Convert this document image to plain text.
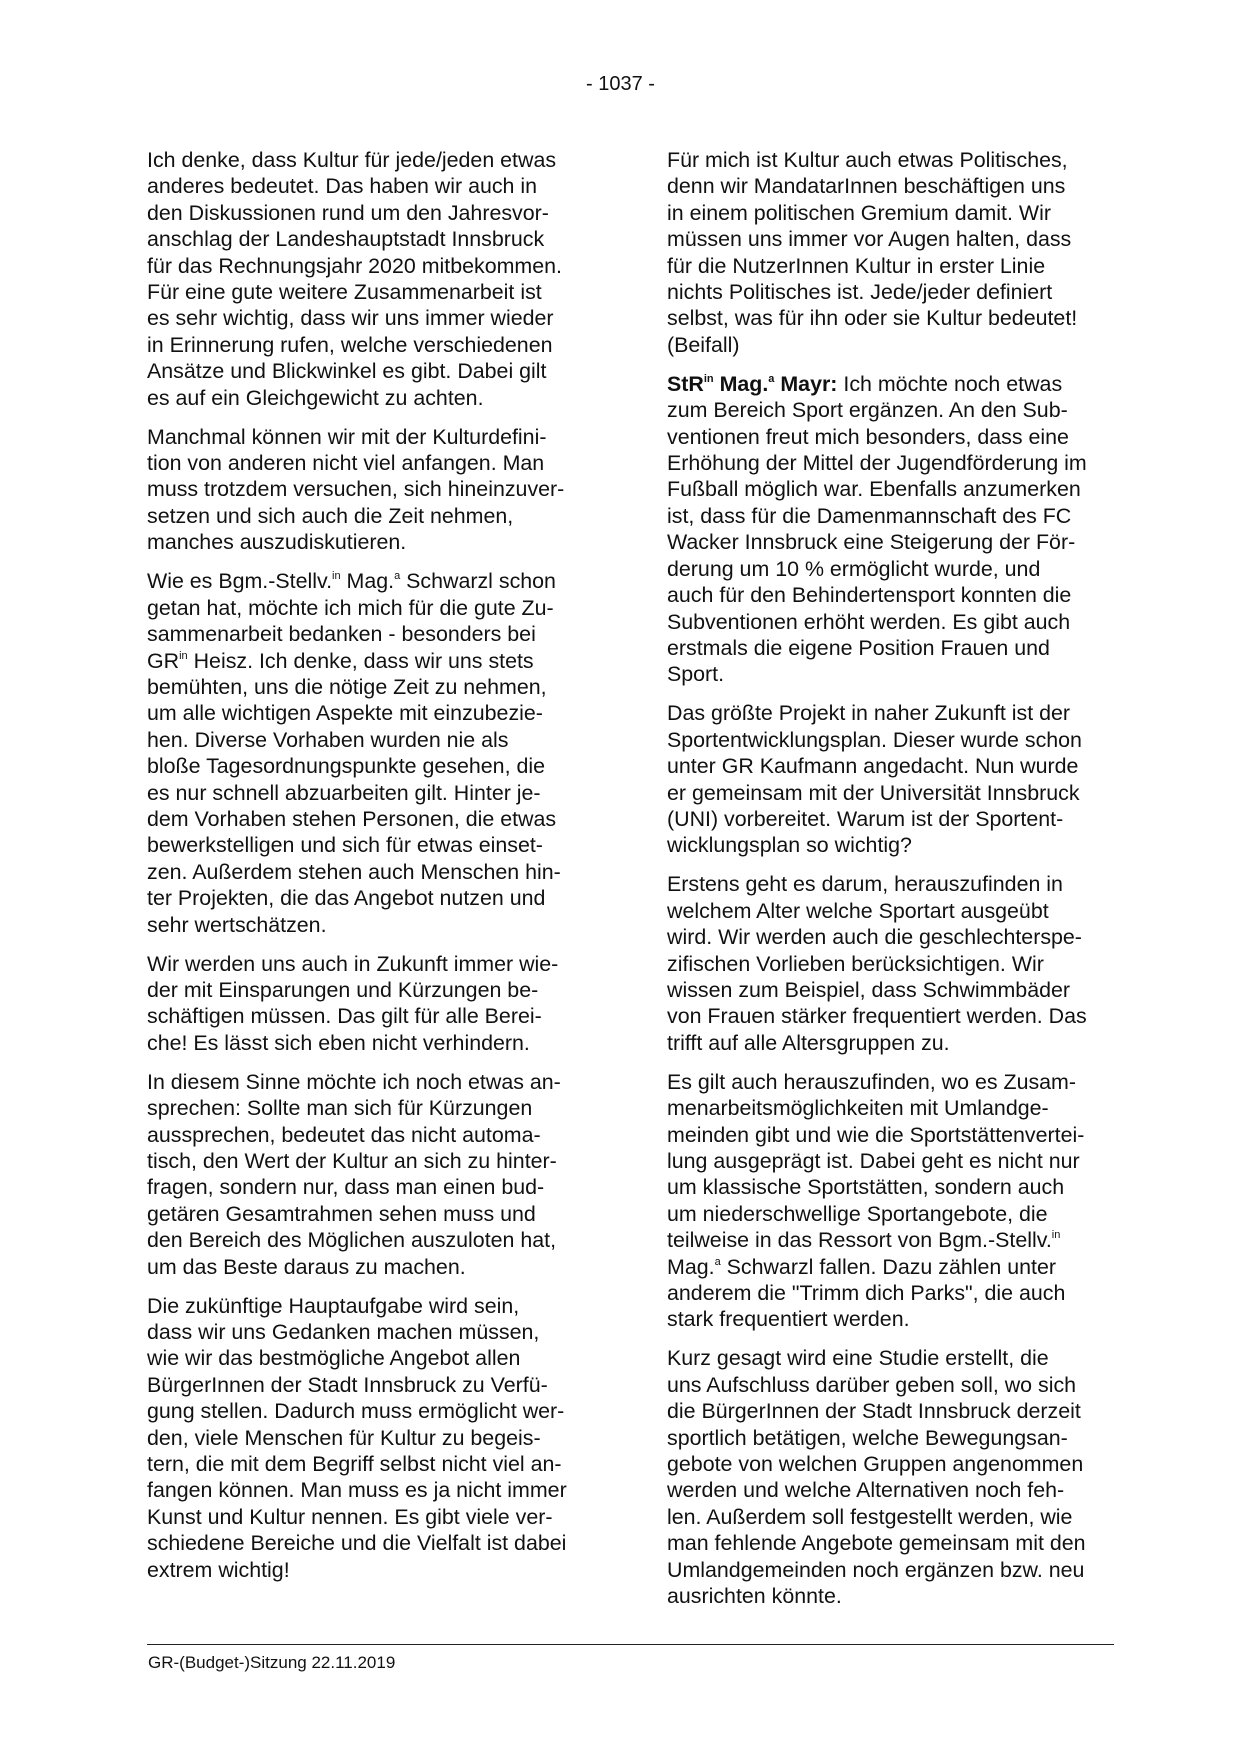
- 1037 -

Ich denke, dass Kultur für jede/jeden etwas
anderes bedeutet. Das haben wir auch in
den Diskussionen rund um den Jahresvor-
anschlag der Landeshauptstadt Innsbruck
für das Rechnungsjahr 2020 mitbekommen.
Für eine gute weitere Zusammenarbeit ist
es sehr wichtig, dass wir uns immer wieder
in Erinnerung rufen, welche verschiedenen
Ansätze und Blickwinkel es gibt. Dabei gilt
es auf ein Gleichgewicht zu achten.

Manchmal können wir mit der Kulturdefini-
tion von anderen nicht viel anfangen. Man
muss trotzdem versuchen, sich hineinzuver-
setzen und sich auch die Zeit nehmen,
manches auszudiskutieren.

Wie es Bgm.-Stellv.$^{in}$ Mag.$^a$ Schwarzl schon
getan hat, möchte ich mich für die gute Zu-
sammenarbeit bedanken - besonders bei
$GR^{in}$ Heisz. Ich denke, dass wir uns stets
bemühten, uns die nötige Zeit zu nehmen,
um alle wichtigen Aspekte mit einzubezie-
hen. Diverse Vorhaben wurden nie als
bloße Tagesordnungspunkte gesehen, die
es nur schnell abzuarbeiten gilt. Hinter je-
dem Vorhaben stehen Personen, die etwas
bewerkstelligen und sich für etwas einset-
zen. Außerdem stehen auch Menschen hin-
ter Projekten, die das Angebot nutzen und
sehr wertschätzen.

Wir werden uns auch in Zukunft immer wie-
der mit Einsparungen und Kürzungen be-
schäftigen müssen. Das gilt für alle Berei-
che! Es lässt sich eben nicht verhindern.

In diesem Sinne möchte ich noch etwas an-
sprechen: Sollte man sich für Kürzungen
aussprechen, bedeutet das nicht automa-
tisch, den Wert der Kultur an sich zu hinter-
fragen, sondern nur, dass man einen bud-
getären Gesamtrahmen sehen muss und
den Bereich des Möglichen auszuloten hat,
um das Beste daraus zu machen.

Die zukünftige Hauptaufgabe wird sein,
dass wir uns Gedanken machen müssen,
wie wir das bestmögliche Angebot allen
BürgerInnen der Stadt Innsbruck zu Verfü-
gung stellen. Dadurch muss ermöglicht wer-
den, viele Menschen für Kultur zu begeis-
tern, die mit dem Begriff selbst nicht viel an-
fangen können. Man muss es ja nicht immer
Kunst und Kultur nennen. Es gibt viele ver-
schiedene Bereiche und die Vielfalt ist dabei
extrem wichtig!

Für mich ist Kultur auch etwas Politisches,
denn wir MandatarInnen beschäftigen uns
in einem politischen Gremium damit. Wir
müssen uns immer vor Augen halten, dass
für die NutzerInnen Kultur in erster Linie
nichts Politisches ist. Jede/jeder definiert
selbst, was für ihn oder sie Kultur bedeutet!
(Beifall)

StR$^{in}$ Mag.$^a$ Mayr: Ich möchte noch etwas
zum Bereich Sport ergänzen. An den Sub-
ventionen freut mich besonders, dass eine
Erhöhung der Mittel der Jugendförderung im
Fußball möglich war. Ebenfalls anzumerken
ist, dass für die Damenmannschaft des FC
Wacker Innsbruck eine Steigerung der För-
derung um 10 % ermöglicht wurde, und
auch für den Behindertensport konnten die
Subventionen erhöht werden. Es gibt auch
erstmals die eigene Position Frauen und
Sport.

Das größte Projekt in naher Zukunft ist der
Sportentwicklungsplan. Dieser wurde schon
unter GR Kaufmann angedacht. Nun wurde
er gemeinsam mit der Universität Innsbruck
(UNI) vorbereitet. Warum ist der Sportent-
wicklungsplan so wichtig?

Erstens geht es darum, herauszufinden in
welchem Alter welche Sportart ausgeübt
wird. Wir werden auch die geschlechterspe-
zifischen Vorlieben berücksichtigen. Wir
wissen zum Beispiel, dass Schwimmbäder
von Frauen stärker frequentiert werden. Das
trifft auf alle Altersgruppen zu.

Es gilt auch herauszufinden, wo es Zusam-
menarbeitsmöglichkeiten mit Umlandge-
meinden gibt und wie die Sportstättenvertei-
lung ausgeprägt ist. Dabei geht es nicht nur
um klassische Sportstätten, sondern auch
um niederschwellige Sportangebote, die
teilweise in das Ressort von Bgm.-Stellv.$^{in}$
Mag.$^a$ Schwarzl fallen. Dazu zählen unter
anderem die "Trimm dich Parks", die auch
stark frequentiert werden.

Kurz gesagt wird eine Studie erstellt, die
uns Aufschluss darüber geben soll, wo sich
die BürgerInnen der Stadt Innsbruck derzeit
sportlich betätigen, welche Bewegungsan-
gebote von welchen Gruppen angenommen
werden und welche Alternativen noch feh-
len. Außerdem soll festgestellt werden, wie
man fehlende Angebote gemeinsam mit den
Umlandgemeinden noch ergänzen bzw. neu
ausrichten könnte.

GR-(Budget-)Sitzung 22.11.2019
